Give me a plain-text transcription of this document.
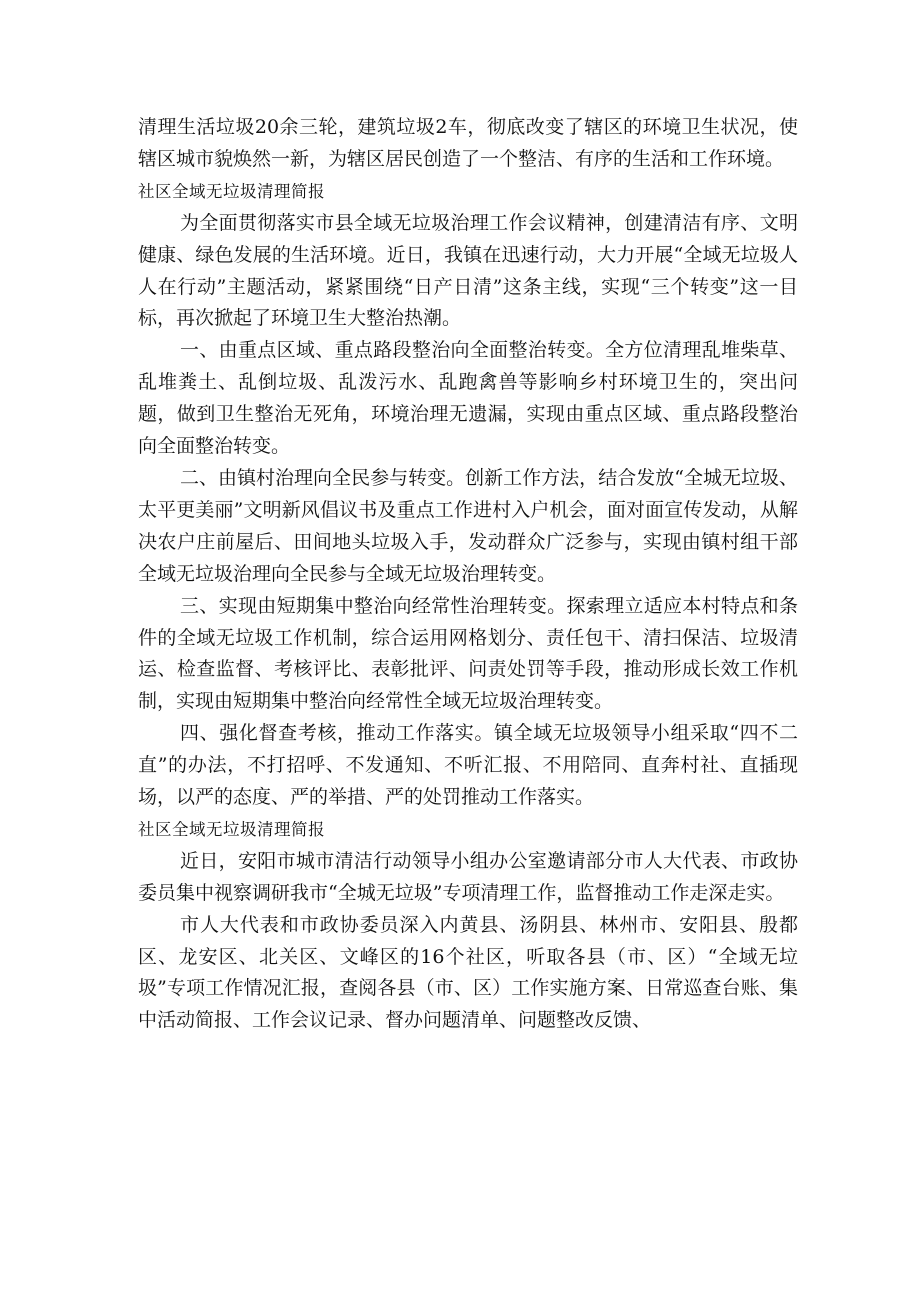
清理生活垃圾20余三轮，建筑垃圾2车，彻底改变了辖区的环境卫生状况，使辖区城市貌焕然一新，为辖区居民创造了一个整洁、有序的生活和工作环境。

社区全域无垃圾清理简报

为全面贯彻落实市县全域无垃圾治理工作会议精神，创建清洁有序、文明健康、绿色发展的生活环境。近日，我镇在迅速行动，大力开展“全域无垃圾人人在行动”主题活动，紧紧围绕“日产日清”这条主线，实现“三个转变”这一目标，再次掀起了环境卫生大整治热潮。

一、由重点区域、重点路段整治向全面整治转变。全方位清理乱堆柴草、乱堆粪土、乱倒垃圾、乱泼污水、乱跑禽兽等影响乡村环境卫生的，突出问题，做到卫生整治无死角，环境治理无遗漏，实现由重点区域、重点路段整治向全面整治转变。

二、由镇村治理向全民参与转变。创新工作方法，结合发放“全城无垃圾、太平更美丽”文明新风倡议书及重点工作进村入户机会，面对面宣传发动，从解决农户庄前屋后、田间地头垃圾入手，发动群众广泛参与，实现由镇村组干部全域无垃圾治理向全民参与全域无垃圾治理转变。

三、实现由短期集中整治向经常性治理转变。探索理立适应本村特点和条件的全域无垃圾工作机制，综合运用网格划分、责任包干、清扫保洁、垃圾清运、检查监督、考核评比、表彰批评、问责处罚等手段，推动形成长效工作机制，实现由短期集中整治向经常性全域无垃圾治理转变。

四、强化督查考核，推动工作落实。镇全域无垃圾领导小组采取“四不二直”的办法，不打招呼、不发通知、不听汇报、不用陪同、直奔村社、直插现场，以严的态度、严的举措、严的处罚推动工作落实。

社区全域无垃圾清理简报

近日，安阳市城市清洁行动领导小组办公室邀请部分市人大代表、市政协委员集中视察调研我市“全城无垃圾”专项清理工作，监督推动工作走深走实。

市人大代表和市政协委员深入内黄县、汤阴县、林州市、安阳县、殷都区、龙安区、北关区、文峰区的16个社区，听取各县（市、区）“全域无垃圾”专项工作情况汇报，查阅各县（市、区）工作实施方案、日常巡查台账、集中活动简报、工作会议记录、督办问题清单、问题整改反馈、
